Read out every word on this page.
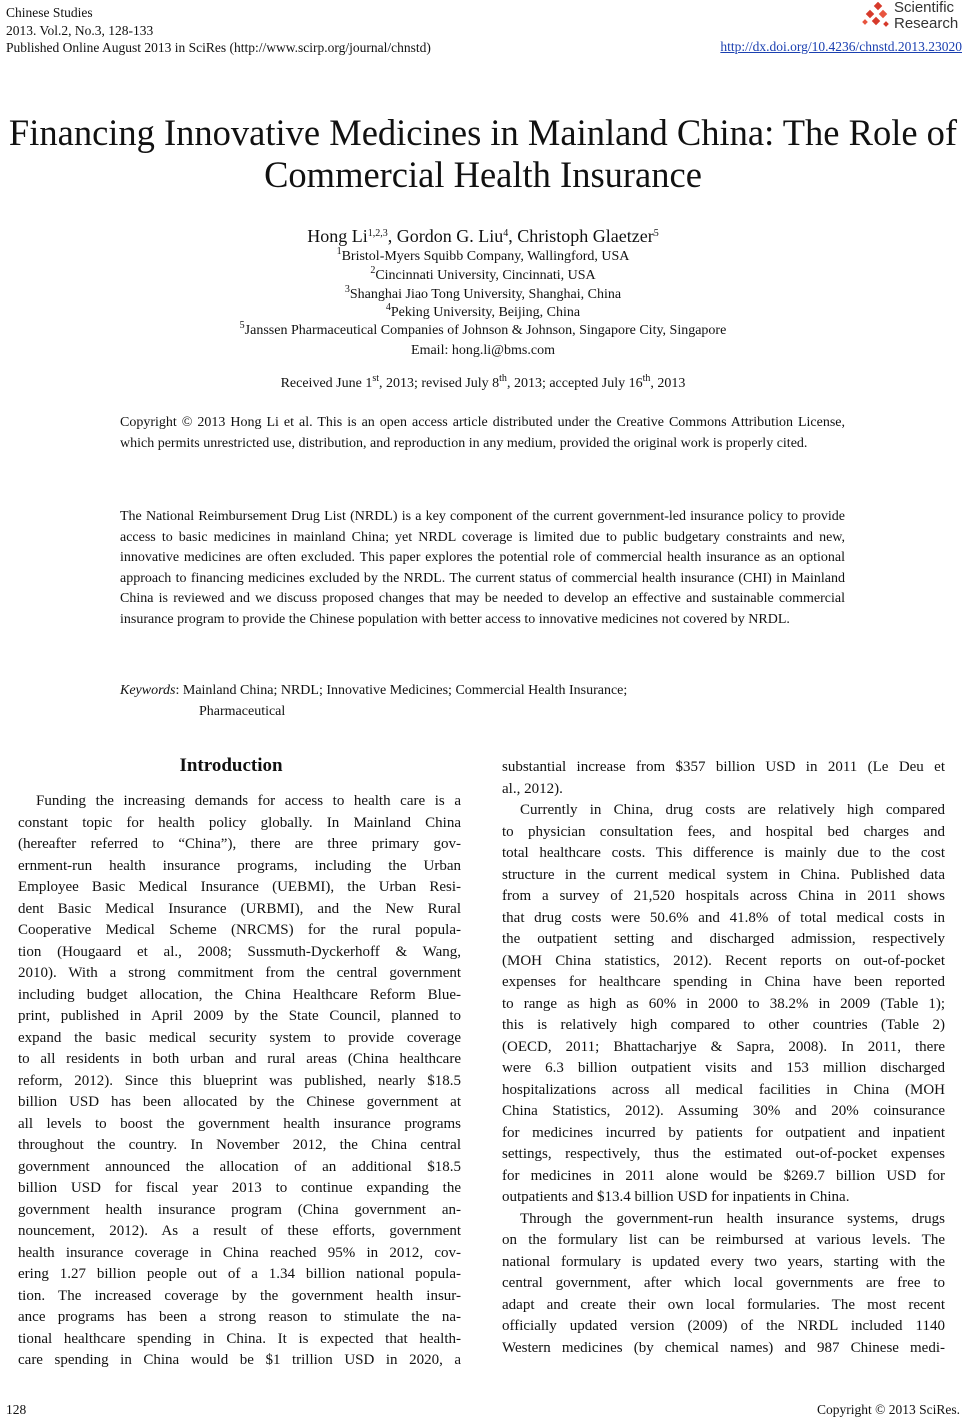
Chinese Studies
2013. Vol.2, No.3, 128-133
Published Online August 2013 in SciRes (http://www.scirp.org/journal/chnstd)
Scientific
Research
http://dx.doi.org/10.4236/chnstd.2013.23020
Financing Innovative Medicines in Mainland China: The Role of
Commercial Health Insurance
Hong Li$^{1,2,3}$, Gordon G. Liu$^4$, Christoph Glaetzer$^5$
$^1$Bristol-Myers Squibb Company, Wallingford, USA
$^2$Cincinnati University, Cincinnati, USA
$^3$Shanghai Jiao Tong University, Shanghai, China
$^4$Peking University, Beijing, China
$^5$Janssen Pharmaceutical Companies of Johnson & Johnson, Singapore City, Singapore
Email: hong.li@bms.com
Received June 1st, 2013; revised July 8th, 2013; accepted July 16th, 2013
Copyright © 2013 Hong Li et al. This is an open access article distributed under the Creative Commons Attribution License, which permits unrestricted use, distribution, and reproduction in any medium, provided the original work is properly cited.
The National Reimbursement Drug List (NRDL) is a key component of the current government-led insurance policy to provide access to basic medicines in mainland China; yet NRDL coverage is limited due to public budgetary constraints and new, innovative medicines are often excluded. This paper explores the potential role of commercial health insurance as an optional approach to financing medicines excluded by the NRDL. The current status of commercial health insurance (CHI) in Mainland China is reviewed and we discuss proposed changes that may be needed to develop an effective and sustainable commercial insurance program to provide the Chinese population with better access to innovative medicines not covered by NRDL.
Keywords: Mainland China; NRDL; Innovative Medicines; Commercial Health Insurance;
Pharmaceutical
Introduction
Funding the increasing demands for access to health care is a
constant topic for health policy globally. In Mainland China
(hereafter referred to “China”), there are three primary gov-
ernment-run health insurance programs, including the Urban
Employee Basic Medical Insurance (UEBMI), the Urban Resi-
dent Basic Medical Insurance (URBMI), and the New Rural
Cooperative Medical Scheme (NRCMS) for the rural popula-
tion (Hougaard et al., 2008; Sussmuth-Dyckerhoff & Wang,
2010). With a strong commitment from the central government
including budget allocation, the China Healthcare Reform Blue-
print, published in April 2009 by the State Council, planned to
expand the basic medical security system to provide coverage
to all residents in both urban and rural areas (China healthcare
reform, 2012). Since this blueprint was published, nearly $18.5
billion USD has been allocated by the Chinese government at
all levels to boost the government health insurance programs
throughout the country. In November 2012, the China central
government announced the allocation of an additional $18.5
billion USD for fiscal year 2013 to continue expanding the
government health insurance program (China government an-
nouncement, 2012). As a result of these efforts, government
health insurance coverage in China reached 95% in 2012, cov-
ering 1.27 billion people out of a 1.34 billion national popula-
tion. The increased coverage by the government health insur-
ance programs has been a strong reason to stimulate the na-
tional healthcare spending in China. It is expected that health-
care spending in China would be $1 trillion USD in 2020, a
substantial increase from $357 billion USD in 2011 (Le Deu et
al., 2012).
Currently in China, drug costs are relatively high compared
to physician consultation fees, and hospital bed charges and
total healthcare costs. This difference is mainly due to the cost
structure in the current medical system in China. Published data
from a survey of 21,520 hospitals across China in 2011 shows
that drug costs were 50.6% and 41.8% of total medical costs in
the outpatient setting and discharged admission, respectively
(MOH China statistics, 2012). Recent reports on out-of-pocket
expenses for healthcare spending in China have been reported
to range as high as 60% in 2000 to 38.2% in 2009 (Table 1);
this is relatively high compared to other countries (Table 2)
(OECD, 2011; Bhattacharjye & Sapra, 2008). In 2011, there
were 6.3 billion outpatient visits and 153 million discharged
hospitalizations across all medical facilities in China (MOH
China Statistics, 2012). Assuming 30% and 20% coinsurance
for medicines incurred by patients for outpatient and inpatient
settings, respectively, thus the estimated out-of-pocket expenses
for medicines in 2011 alone would be $269.7 billion USD for
outpatients and $13.4 billion USD for inpatients in China.
Through the government-run health insurance systems, drugs
on the formulary list can be reimbursed at various levels. The
national formulary is updated every two years, starting with the
central government, after which local governments are free to
adapt and create their own local formularies. The most recent
officially updated version (2009) of the NRDL included 1140
Western medicines (by chemical names) and 987 Chinese medi-
128	Copyright © 2013 SciRes.
